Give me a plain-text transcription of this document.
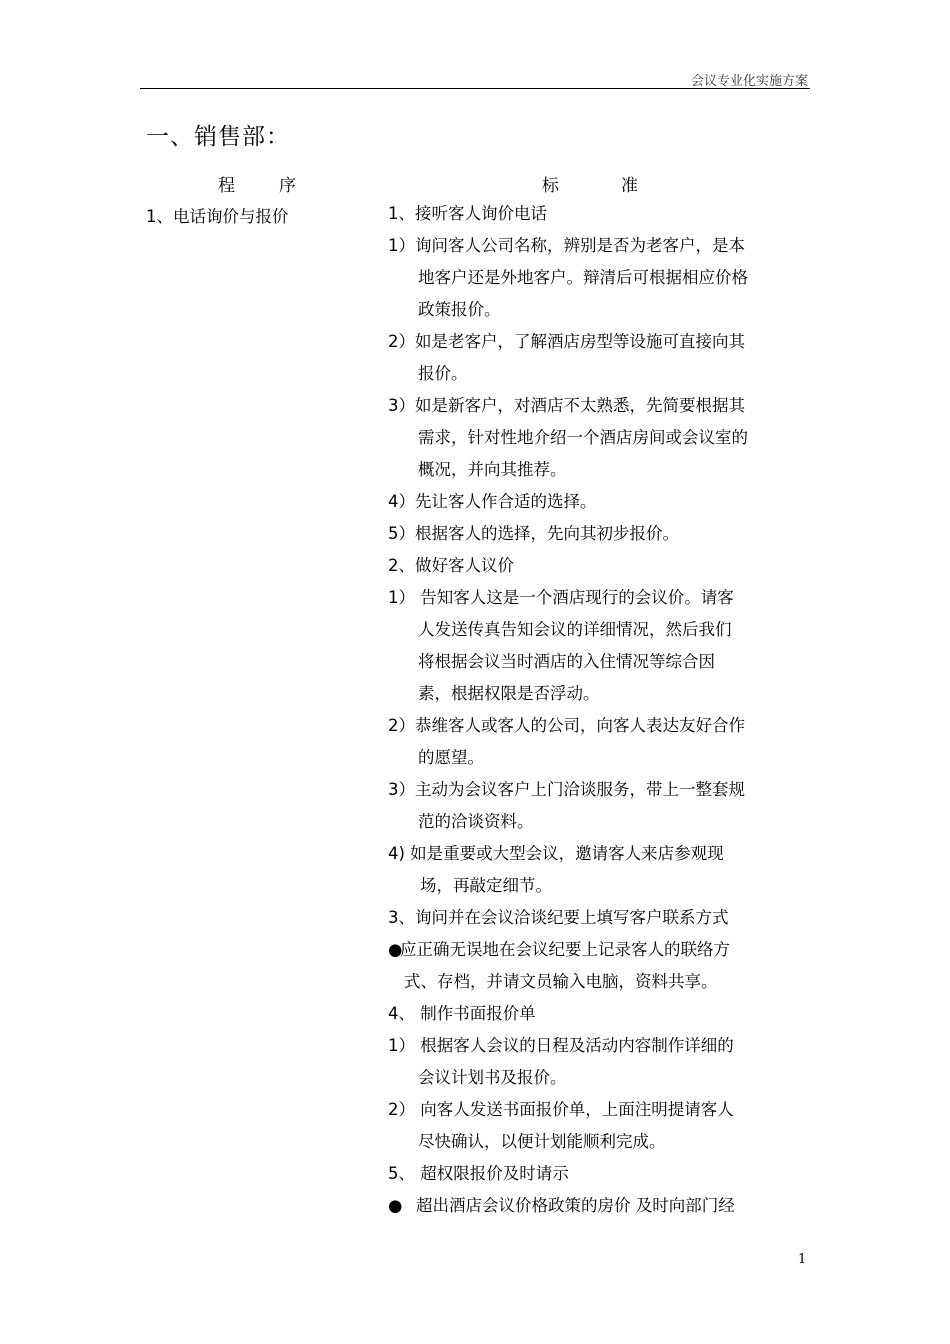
会议专业化实施方案
一、销售部：
程序	标准
1、电话询价与报价	1、接听客人询价电话
1）询问客人公司名称，辨别是否为老客户，是本
地客户还是外地客户。辩清后可根据相应价格
政策报价。
2）如是老客户，了解酒店房型等设施可直接向其
报价。
3）如是新客户，对酒店不太熟悉，先简要根据其
需求，针对性地介绍一个酒店房间或会议室的
概况，并向其推荐。
4）先让客人作合适的选择。
5）根据客人的选择，先向其初步报价。
2、做好客人议价
1） 告知客人这是一个酒店现行的会议价。请客
人发送传真告知会议的详细情况，然后我们
将根据会议当时酒店的入住情况等综合因
素，根据权限是否浮动。
2）恭维客人或客人的公司，向客人表达友好合作
的愿望。
3）主动为会议客户上门洽谈服务，带上一整套规
范的洽谈资料。
4) 如是重要或大型会议，邀请客人来店参观现
场，再敲定细节。
3、询问并在会议洽谈纪要上填写客户联系方式
●应正确无误地在会议纪要上记录客人的联络方
式、存档，并请文员输入电脑，资料共享。
4、 制作书面报价单
1） 根据客人会议的日程及活动内容制作详细的
会议计划书及报价。
2） 向客人发送书面报价单，上面注明提请客人
尽快确认，以便计划能顺利完成。
5、 超权限报价及时请示
● 超出酒店会议价格政策的房价 及时向部门经
1
